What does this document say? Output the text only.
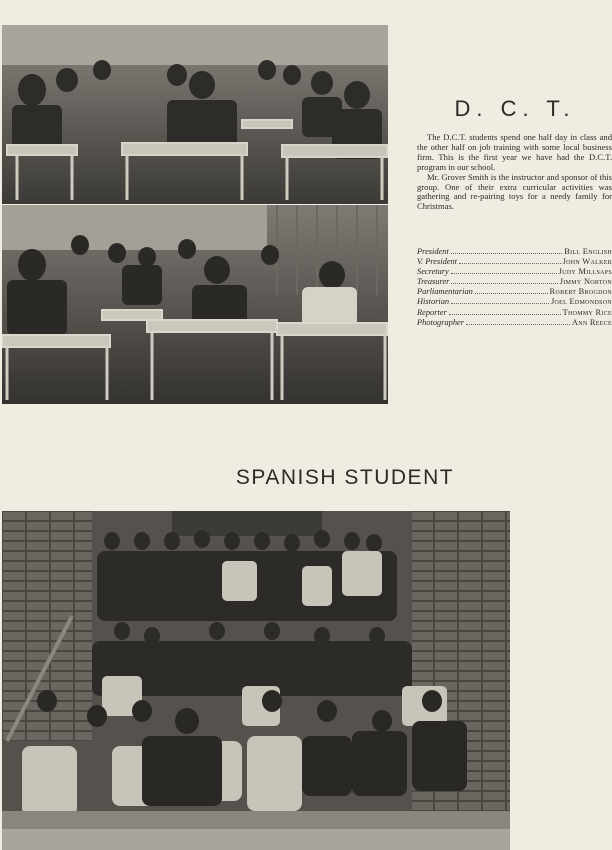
D. C. T.

The D.C.T. students spend one half day in class and the other half on job training with some local business firm. This is the first year we have had the D.C.T. program in our school.

Mr. Grover Smith is the instructor and sponsor of this group. One of their extra curricular activities was gathering and re-pairing toys for a needy family for Christmas.

President	Bill English
V. President	John Walker
Secretary	Judy Millsaps
Treasurer	Jimmy Norton
Parliamentarian	Robert Brogdon
Historian	Joel Edmondson
Reporter	Thommy Rice
Photographer	Ann Reece
SPANISH STUDENT
